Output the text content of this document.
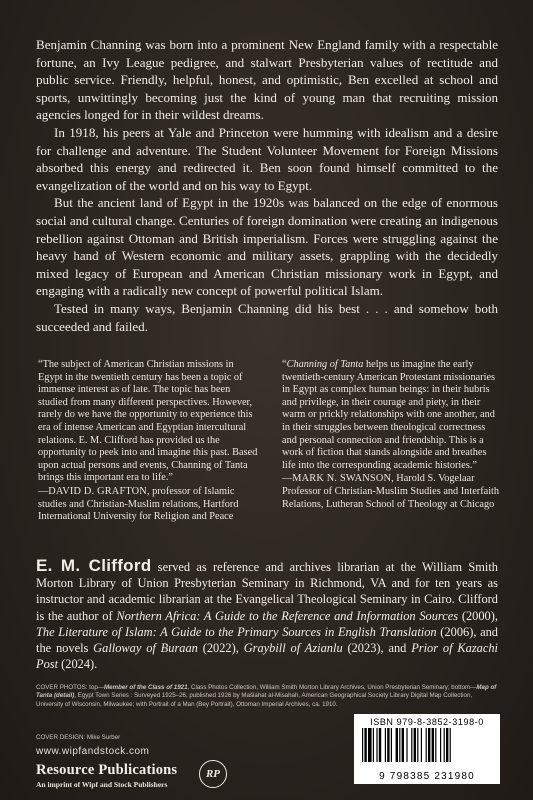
Benjamin Channing was born into a prominent New England family with a respectable fortune, an Ivy League pedigree, and stalwart Presbyterian values of rectitude and public service. Friendly, helpful, honest, and optimistic, Ben excelled at school and sports, unwittingly becoming just the kind of young man that recruiting mission agencies longed for in their wildest dreams.

In 1918, his peers at Yale and Princeton were humming with idealism and a desire for challenge and adventure. The Student Volunteer Movement for Foreign Missions absorbed this energy and redirected it. Ben soon found himself committed to the evangelization of the world and on his way to Egypt.

But the ancient land of Egypt in the 1920s was balanced on the edge of enormous social and cultural change. Centuries of foreign domination were creating an indigenous rebellion against Ottoman and British imperialism. Forces were struggling against the heavy hand of Western economic and military assets, grappling with the decidedly mixed legacy of European and American Christian missionary work in Egypt, and engaging with a radically new concept of powerful political Islam.

Tested in many ways, Benjamin Channing did his best . . . and somehow both succeeded and failed.

“The subject of American Christian missions in Egypt in the twentieth century has been a topic of immense interest as of late. The topic has been studied from many different perspectives. However, rarely do we have the opportunity to experience this era of intense American and Egyptian intercultural relations. E. M. Clifford has provided us the opportunity to peek into and imagine this past. Based upon actual persons and events, Channing of Tanta brings this important era to life.”

—DAVID D. GRAFTON, professor of Islamic studies and Christian-Muslim relations, Hartford International University for Religion and Peace

“Channing of Tanta helps us imagine the early twentieth-century American Protestant missionaries in Egypt as complex human beings: in their hubris and privilege, in their courage and piety, in their warm or prickly relationships with one another, and in their struggles between theological correctness and personal connection and friendship. This is a work of fiction that stands alongside and breathes life into the corresponding academic histories.”

—MARK N. SWANSON, Harold S. Vogelaar Professor of Christian-Muslim Studies and Interfaith Relations, Lutheran School of Theology at Chicago
E. M. Clifford served as reference and archives librarian at the William Smith Morton Library of Union Presbyterian Seminary in Richmond, VA and for ten years as instructor and academic librarian at the Evangelical Theological Seminary in Cairo. Clifford is the author of Northern Africa: A Guide to the Reference and Information Sources (2000), The Literature of Islam: A Guide to the Primary Sources in English Translation (2006), and the novels Galloway of Buraan (2022), Graybill of Azianlu (2023), and Prior of Kazachi Post (2024).
COVER PHOTOS: top—Member of the Class of 1921, Class Photos Collection, William Smith Morton Library Archives, Union Presbyterian Seminary; bottom—Map of Tanta (detail), Egypt Town Series : Surveyed 1925–26, published 1926 by Mašlahat al-Misahah, American Geographical Society Library Digital Map Collection, University of Wisconsin, Milwaukee; with Portrait of a Man (Bey Portrait), Ottoman Imperial Archives, ca. 1910.
COVER DESIGN: Mike Surber
www.wipfandstock.com
Resource Publications
An imprint of Wipf and Stock Publishers
RP
ISBN 979-8-3852-3198-0
9 798385 231980
